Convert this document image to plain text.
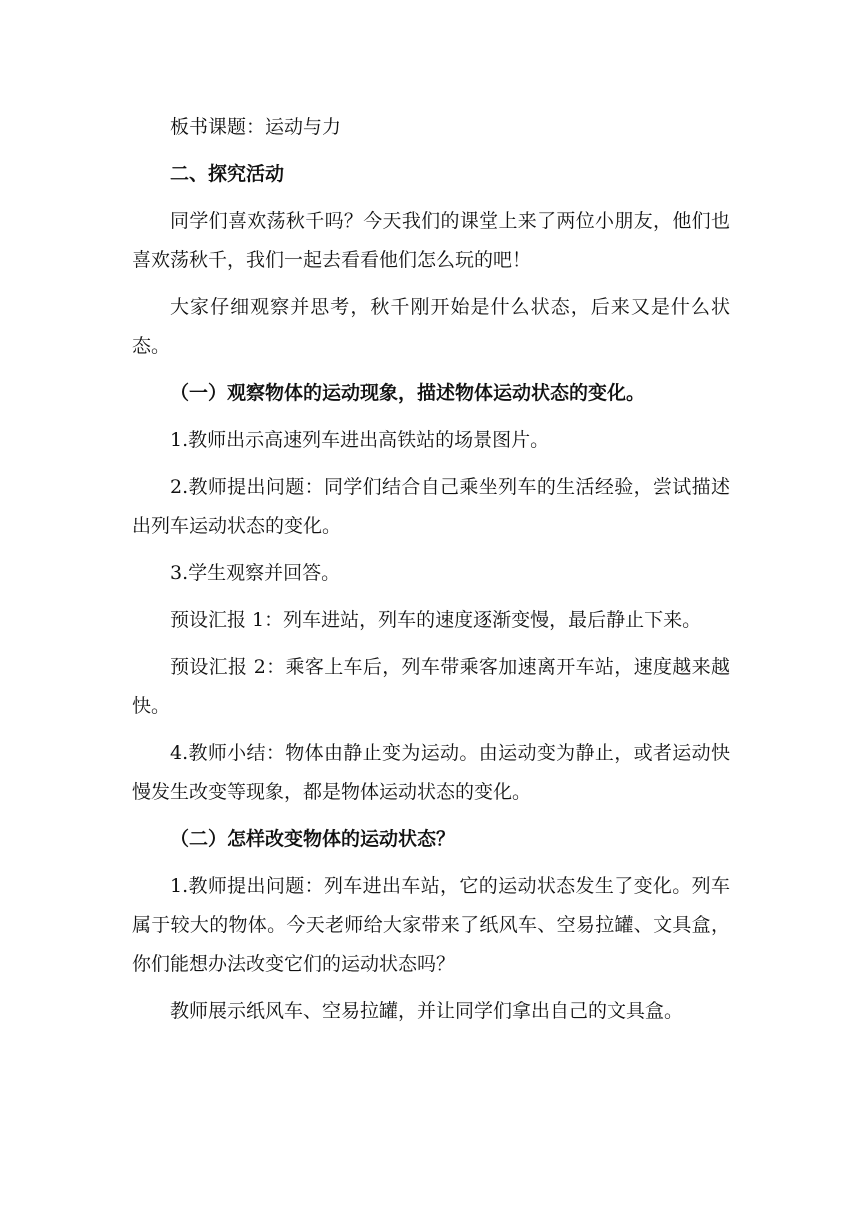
板书课题：运动与力

二、探究活动

同学们喜欢荡秋千吗？今天我们的课堂上来了两位小朋友，他们也喜欢荡秋千，我们一起去看看他们怎么玩的吧！

大家仔细观察并思考，秋千刚开始是什么状态，后来又是什么状态。

（一）观察物体的运动现象，描述物体运动状态的变化。

1.教师出示高速列车进出高铁站的场景图片。

2.教师提出问题：同学们结合自己乘坐列车的生活经验，尝试描述出列车运动状态的变化。

3.学生观察并回答。

预设汇报 1：列车进站，列车的速度逐渐变慢，最后静止下来。

预设汇报 2：乘客上车后，列车带乘客加速离开车站，速度越来越快。

4.教师小结：物体由静止变为运动。由运动变为静止，或者运动快慢发生改变等现象，都是物体运动状态的变化。

（二）怎样改变物体的运动状态？

1.教师提出问题：列车进出车站，它的运动状态发生了变化。列车属于较大的物体。今天老师给大家带来了纸风车、空易拉罐、文具盒，你们能想办法改变它们的运动状态吗？

教师展示纸风车、空易拉罐，并让同学们拿出自己的文具盒。
